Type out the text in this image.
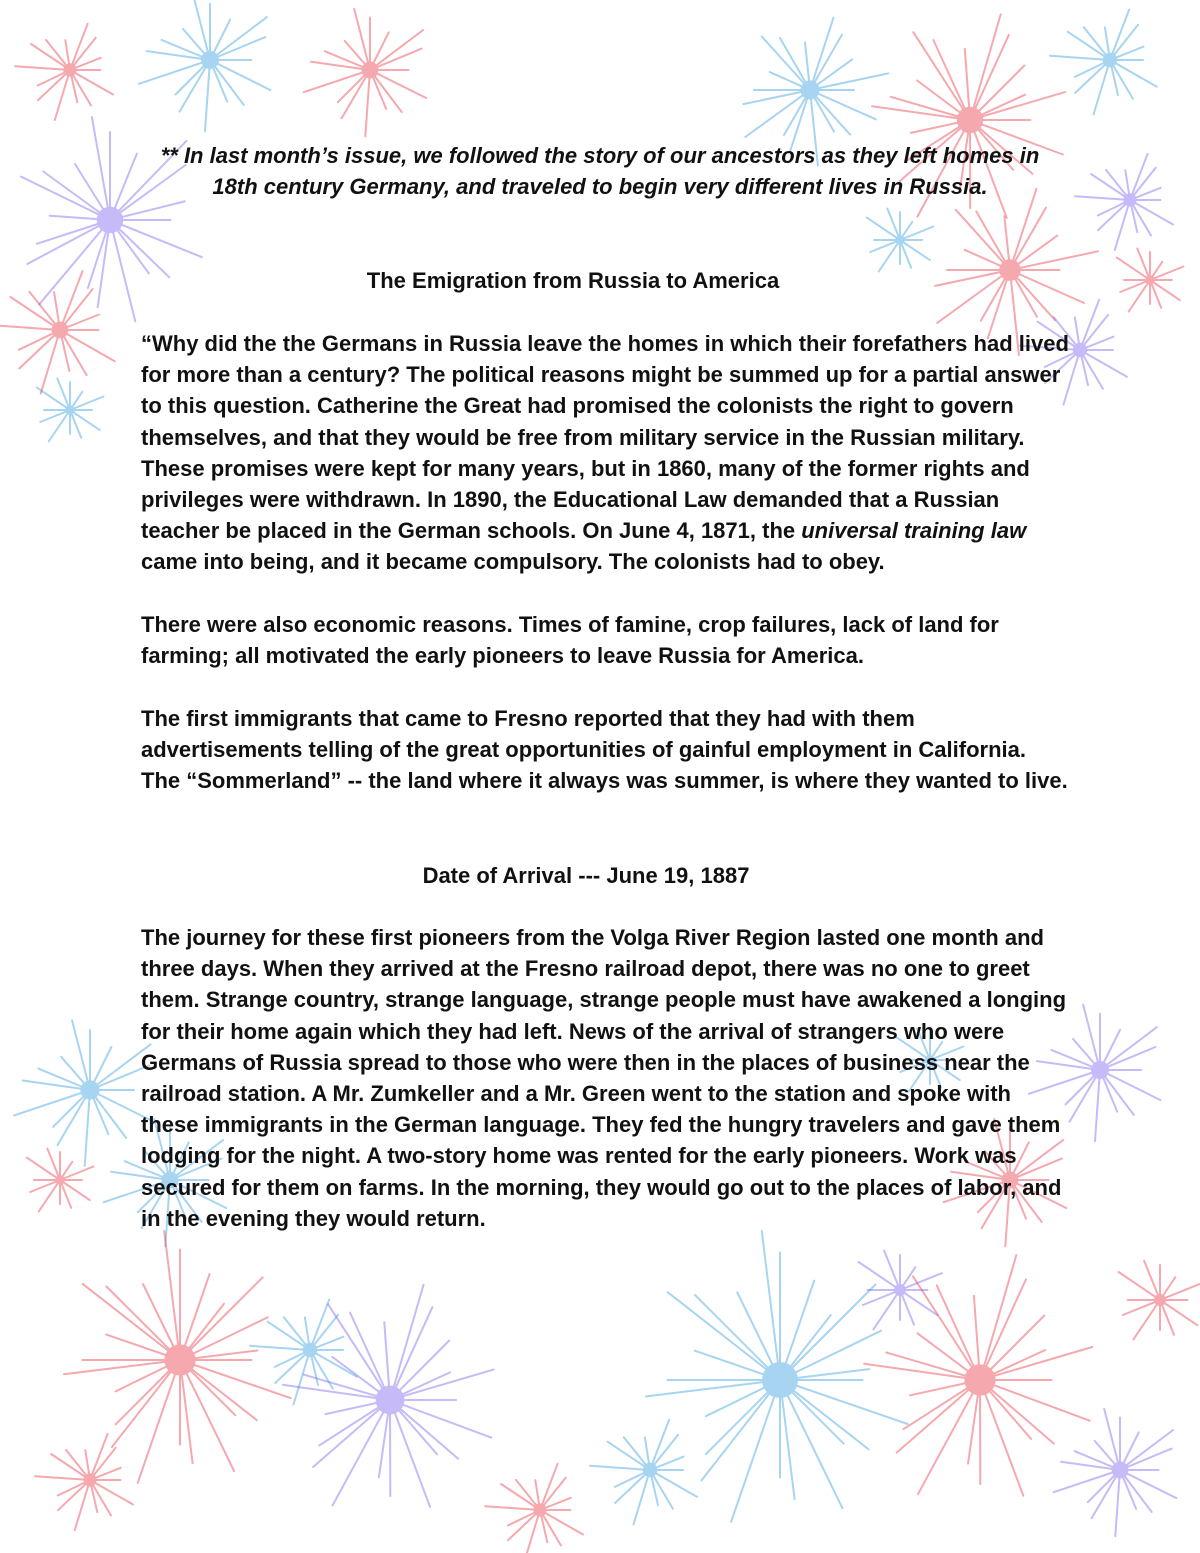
** In last month’s issue, we followed the story of our ancestors as they left homes in 18th century Germany, and traveled to begin very different lives in Russia.

The Emigration from Russia to America

“Why did the the Germans in Russia leave the homes in which their forefathers had lived for more than a century? The political reasons might be summed up for a partial answer to this question. Catherine the Great had promised the colonists the right to govern themselves, and that they would be free from military service in the Russian military. These promises were kept for many years, but in 1860, many of the former rights and privileges were withdrawn. In 1890, the Educational Law demanded that a Russian teacher be placed in the German schools. On June 4, 1871, the universal training law came into being, and it became compulsory. The colonists had to obey.

There were also economic reasons. Times of famine, crop failures, lack of land for farming; all motivated the early pioneers to leave Russia for America.

The first immigrants that came to Fresno reported that they had with them advertisements telling of the great opportunities of gainful employment in California. The “Sommerland” -- the land where it always was summer, is where they wanted to live.

Date of Arrival --- June 19, 1887

The journey for these first pioneers from the Volga River Region lasted one month and three days. When they arrived at the Fresno railroad depot, there was no one to greet them. Strange country, strange language, strange people must have awakened a longing for their home again which they had left. News of the arrival of strangers who were Germans of Russia spread to those who were then in the places of business near the railroad station. A Mr. Zumkeller and a Mr. Green went to the station and spoke with these immigrants in the German language. They fed the hungry travelers and gave them lodging for the night. A two-story home was rented for the early pioneers. Work was secured for them on farms. In the morning, they would go out to the places of labor, and in the evening they would return.
